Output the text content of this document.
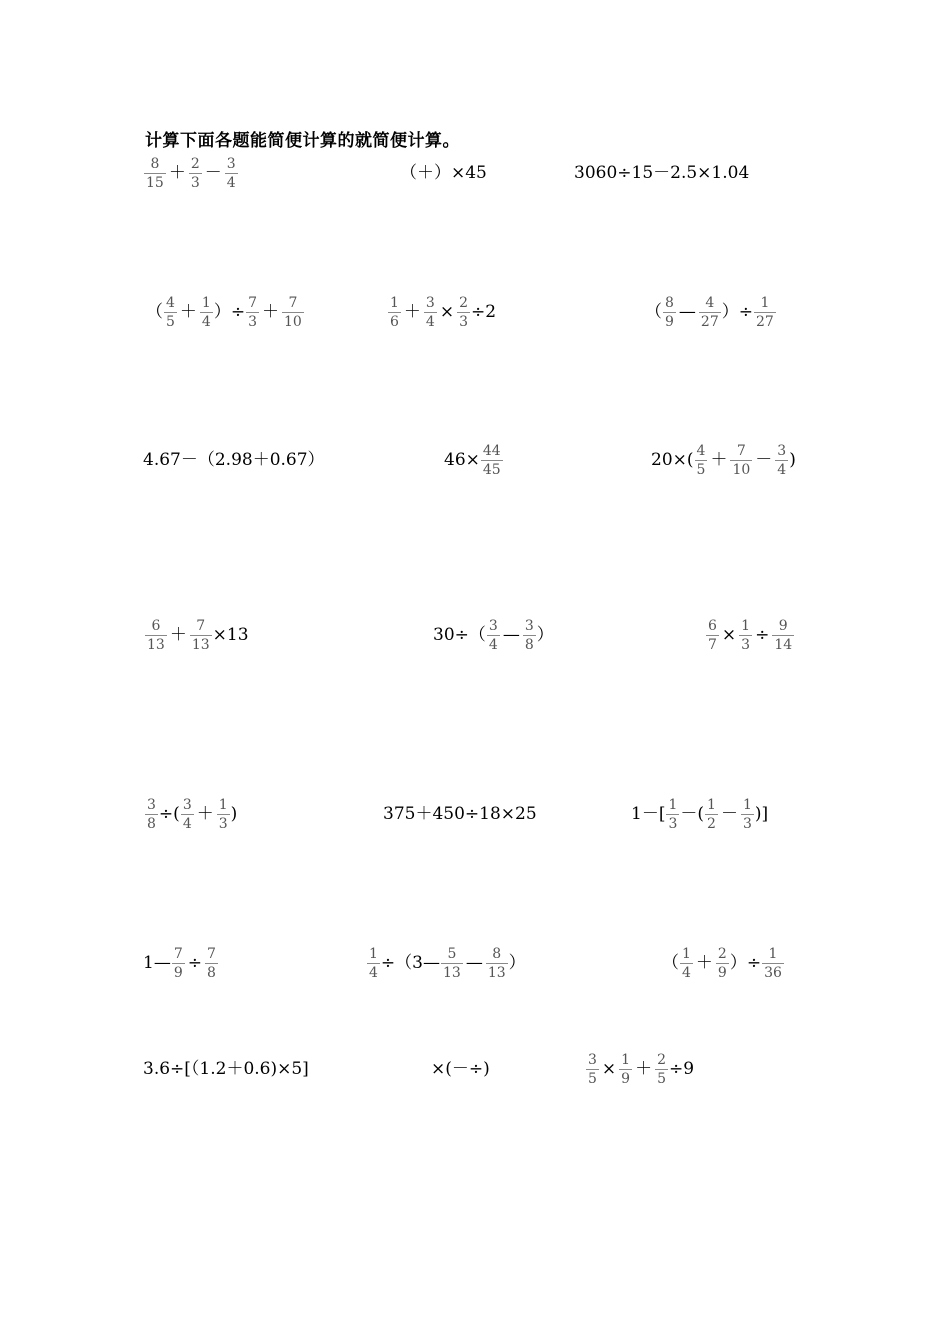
计算下面各题能简便计算的就简便计算。
$\frac{8}{15} + \frac{2}{3} - \frac{3}{4}$	（＋）×45	3060÷15－2.5×1.04
（ $\frac{4}{5} + \frac{1}{4}$ ）÷ $\frac{7}{3} + \frac{7}{10}$	$\frac{1}{6} + \frac{3}{4} \times \frac{2}{3} \div 2$	（ $\frac{8}{9}$ — $\frac{4}{27}$ ）÷ $\frac{1}{27}$
4.67－（2.98＋0.67）	$46\times \frac{44}{45}$	$20\times( \frac{4}{5} + \frac{7}{10} - \frac{3}{4}$ )
$\frac{6}{13} + \frac{7}{13} \times 13$	$30\div( \frac{3}{4}$ — $\frac{3}{8}$ ）	$\frac{6}{7} \times \frac{1}{3} \div \frac{9}{14}$
$\frac{3}{8}$ ÷( $\frac{3}{4} + \frac{1}{3}$ )	375＋450÷18×25	$1-[ \frac{1}{3}$ －( $\frac{1}{2} - \frac{1}{3}$ )]
1— $\frac{7}{9} \div \frac{7}{8}$	$\frac{1}{4}$ ÷（3— $\frac{5}{13}$ — $\frac{8}{13}$ ）	（ $\frac{1}{4} + \frac{2}{9}$ ）÷ $\frac{1}{36}$
3.6÷[（1.2＋0.6)×5]	×(－÷)	$\frac{3}{5} \times \frac{1}{9} + \frac{2}{5} \div 9$
